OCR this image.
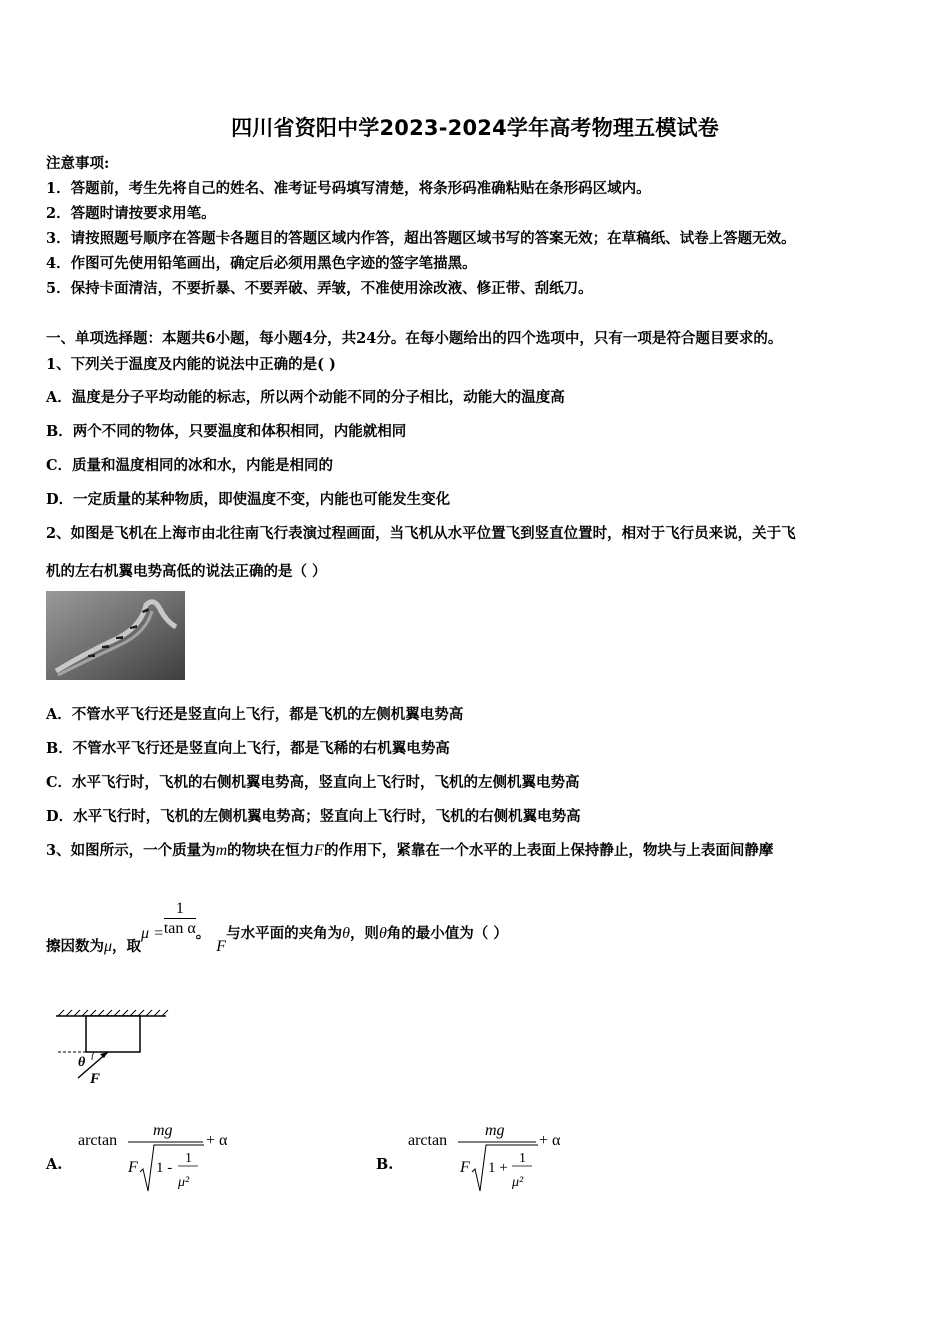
四川省资阳中学2023-2024学年高考物理五模试卷
注意事项:
1．答题前，考生先将自己的姓名、准考证号码填写清楚，将条形码准确粘贴在条形码区域内。
2．答题时请按要求用笔。
3．请按照题号顺序在答题卡各题目的答题区域内作答，超出答题区域书写的答案无效；在草稿纸、试卷上答题无效。
4．作图可先使用铅笔画出，确定后必须用黑色字迹的签字笔描黑。
5．保持卡面清洁，不要折暴、不要弄破、弄皱，不准使用涂改液、修正带、刮纸刀。
一、单项选择题：本题共6小题，每小题4分，共24分。在每小题给出的四个选项中，只有一项是符合题目要求的。
1、下列关于温度及内能的说法中正确的是( )
A．温度是分子平均动能的标志，所以两个动能不同的分子相比，动能大的温度高
B．两个不同的物体，只要温度和体积相同，内能就相同
C．质量和温度相同的冰和水，内能是相同的
D．一定质量的某种物质，即使温度不变，内能也可能发生变化
2、如图是飞机在上海市由北往南飞行表演过程画面，当飞机从水平位置飞到竖直位置时，相对于飞行员来说，关于飞
机的左右机翼电势高低的说法正确的是（ ）
A．不管水平飞行还是竖直向上飞行，都是飞机的左侧机翼电势高
B．不管水平飞行还是竖直向上飞行，都是飞稀的右机翼电势高
C．水平飞行时，飞机的右侧机翼电势高，竖直向上飞行时，飞机的左侧机翼电势高
D．水平飞行时，飞机的左侧机翼电势高；竖直向上飞行时，飞机的右侧机翼电势高
3、如图所示，一个质量为m的物块在恒力F的作用下，紧靠在一个水平的上表面上保持静止，物块与上表面间静摩
擦因数为μ，取$\mu = \frac{1}{\text{tan α}}$ 。F与水平面的夹角为θ，则θ角的最小值为（ ）
θ
F
A.
arctan
mg
F 1 -
1
μ²
+ α
B.
arctan
mg
F 1 +
1
μ²
+ α
